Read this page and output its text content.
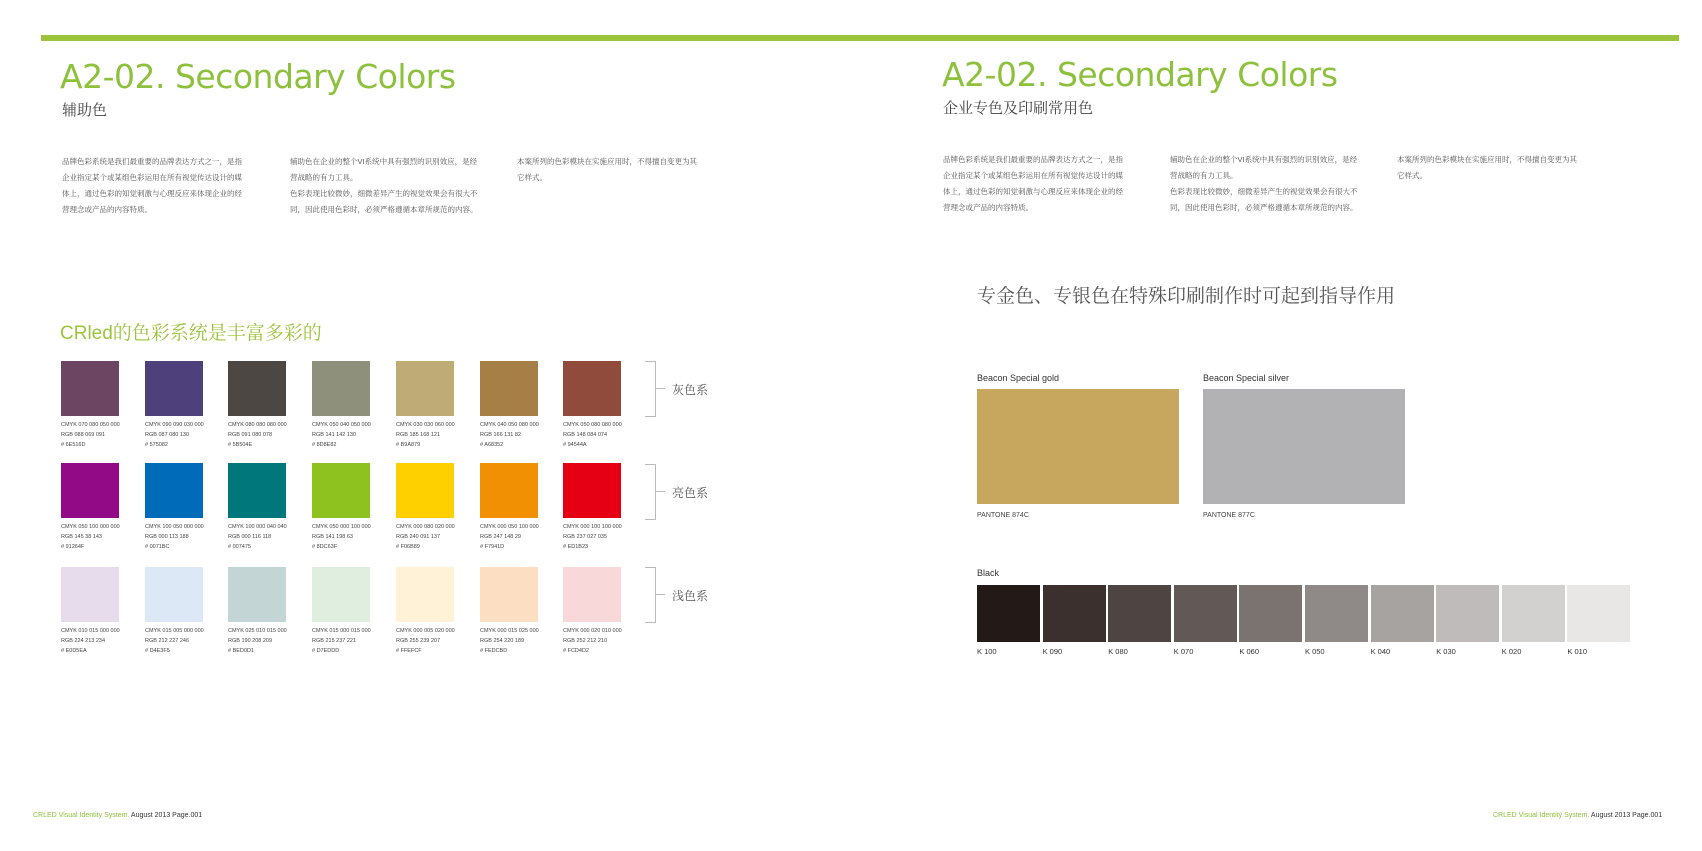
A2-02. Secondary Colors
辅助色
品牌色彩系统是我们最重要的品牌表达方式之一，是指
企业指定某个或某组色彩运用在所有视觉传达设计的媒
体上，通过色彩的知觉刺激与心理反应来体现企业的经
营理念或产品的内容特质。
辅助色在企业的整个VI系统中具有强烈的识别效应，是经
营战略的有力工具。
色彩表现比较微妙，细微差异产生的视觉效果会有很大不
同，因此使用色彩时，必须严格遵循本章所规范的内容。
本案所列的色彩模块在实施应用时，不得擅自变更为其
它样式。
CRled的色彩系统是丰富多彩的
CMYK 070 080 050 000
RGB 088 069 091
# 6E516D
CMYK 090 090 030 000
RGB 087 080 130
# 575082
CMYK 080 080 080 000
RGB 091 080 078
# 5B504E
CMYK 050 040 050 000
RGB 141 142 130
# 8D8E82
CMYK 030 030 060 000
RGB 185 168 121
# B9A879
CMYK 040 050 080 000
RGB 166 131 82
# A68352
CMYK 050 080 080 000
RGB 148 084 074
# 94544A
CMYK 050 100 000 000
RGB 145 38 143
# 91264F
CMYK 100 050 000 000
RGB 000 113 188
# 0071BC
CMYK 100 000 040 040
RGB 000 116 118
# 007475
CMYK 050 000 100 000
RGB 141 198 63
# 8DC63F
CMYK 000 080 020 000
RGB 240 091 137
# F06B89
CMYK 000 050 100 000
RGB 247 148 29
# F7941D
CMYK 000 100 100 000
RGB 237 027 035
# ED1B23
CMYK 010 015 000 000
RGB 224 213 234
# E0D5EA
CMYK 015 005 000 000
RGB 212 227 246
# D4E3F5
CMYK 025 010 015 000
RGB 190 208 209
# BED0D1
CMYK 015 000 015 000
RGB 215 237 221
# D7EDDD
CMYK 000 005 020 000
RGB 255 239 207
# FFEFCF
CMYK 000 015 025 000
RGB 254 220 189
# FEDCBD
CMYK 000 020 010 000
RGB 252 212 210
# FCD4D2
灰色系
亮色系
浅色系
CRLED Visual Identity System. August 2013 Page.001
A2-02. Secondary Colors
企业专色及印刷常用色
品牌色彩系统是我们最重要的品牌表达方式之一，是指
企业指定某个或某组色彩运用在所有视觉传达设计的媒
体上，通过色彩的知觉刺激与心理反应来体现企业的经
营理念或产品的内容特质。
辅助色在企业的整个VI系统中具有强烈的识别效应，是经
营战略的有力工具。
色彩表现比较微妙，细微差异产生的视觉效果会有很大不
同，因此使用色彩时，必须严格遵循本章所规范的内容。
本案所列的色彩模块在实施应用时，不得擅自变更为其
它样式。
专金色、专银色在特殊印刷制作时可起到指导作用
Beacon Special gold
PANTONE 874C
Beacon Special silver
PANTONE 877C
Black
K 100	K 090	K 080	K 070	K 060	K 050	K 040	K 030	K 020	K 010
CRLED Visual Identity System. August 2013 Page.001
